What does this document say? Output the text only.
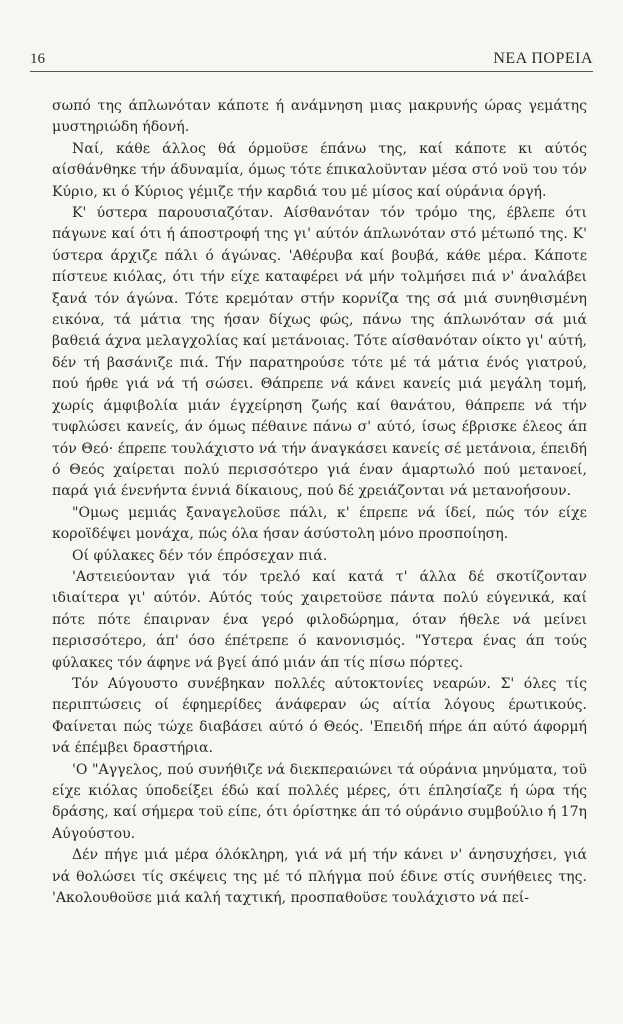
16	ΝΕΑ ΠΟΡΕΙΑ

σωπό της άπλωνόταν κάποτε ή ανάμνηση μιας μακρυνής ώρας γεμάτης μυστηριώδη ήδονή.

Ναί, κάθε άλλος θά όρμοϋσε έπάνω της, καί κάποτε κι αύτός αίσθάνθηκε τήν άδυναμία, όμως τότε έπικαλοϋνταν μέσα στό νοϋ του τόν Κύριο, κι ό Κύριος γέμιζε τήν καρδιά του μέ μίσος καί ούράνια όργή.

Κ' ύστερα παρουσιαζόταν. Αίσθανόταν τόν τρόμο της, έβλεπε ότι πάγωνε καί ότι ή άποστροφή της γι' αύτόν άπλωνόταν στό μέτωπό της. Κ' ύστερα άρχιζε πάλι ό άγώνας. 'Αθέρυβα καί βουβά, κάθε μέρα. Κάποτε πίστευε κιόλας, ότι τήν είχε καταφέρει νά μήν τολμήσει πιά ν' άναλάβει ξανά τόν άγώνα. Τότε κρεμόταν στήν κορνίζα της σά μιά συνηθισμένη εικόνα, τά μάτια της ήσαν δίχως φώς, πάνω της άπλωνόταν σά μιά βαθειά άχνα μελαγχολίας καί μετάνοιας. Τότε αίσθανόταν οίκτο γι' αύτή, δέν τή βασάνιζε πιά. Τήν παρατηρούσε τότε μέ τά μάτια ένός γιατρού, πού ήρθε γιά νά τή σώσει. Θάπρεπε νά κάνει κανείς μιά μεγάλη τομή, χωρίς άμφιβολία μιάν έγχείρηση ζωής καί θανάτου, θάπρεπε νά τήν τυφλώσει κανείς, άν όμως πέθαινε πάνω σ' αύτό, ίσως έβρισκε έλεος άπ τόν Θεό· έπρεπε τουλάχιστο νά τήν άναγκάσει κανείς σέ μετάνοια, έπειδή ό Θεός χαίρεται πολύ περισσότερο γιά έναν άμαρτωλό πού μετανοεί, παρά γιά ένενήντα έννιά δίκαιους, πού δέ χρειάζονται νά μετανοήσουν.

"Ομως μεμιάς ξαναγελοϋσε πάλι, κ' έπρεπε νά ίδεί, πώς τόν είχε κοροϊδέψει μονάχα, πώς όλα ήσαν άσύστολη μόνο προσποίηση.

Οί φύλακες δέν τόν έπρόσεχαν πιά.

'Αστειεύονταν γιά τόν τρελό καί κατά τ' άλλα δέ σκοτίζονταν ιδιαίτερα γι' αύτόν. Αύτός τούς χαιρετοϋσε πάντα πολύ εύγενικά, καί πότε πότε έπαιρναν ένα γερό φιλοδώρημα, όταν ήθελε νά μείνει περισσότερο, άπ' όσο έπέτρεπε ό κανονισμός. "Υστερα ένας άπ τούς φύλακες τόν άφηνε νά βγεί άπό μιάν άπ τίς πίσω πόρτες.

Τόν Αύγουστο συνέβηκαν πολλές αύτοκτονίες νεαρών. Σ' όλες τίς περιπτώσεις οί έφημερίδες άνάφεραν ώς αίτία λόγους έρωτικούς. Φαίνεται πώς τώχε διαβάσει αύτό ό Θεός. 'Επειδή πήρε άπ αύτό άφορμή νά έπέμβει δραστήρια.

'Ο "Αγγελος, πού συνήθιζε νά διεκπεραιώνει τά ούράνια μηνύματα, τοϋ είχε κιόλας ύποδείξει έδώ καί πολλές μέρες, ότι έπλησίαζε ή ώρα τής δράσης, καί σήμερα τοϋ είπε, ότι όρίστηκε άπ τό ούράνιο συμβούλιο ή 17η Αύγούστου.

Δέν πήγε μιά μέρα όλόκληρη, γιά νά μή τήν κάνει ν' άνησυχήσει, γιά νά θολώσει τίς σκέψεις της μέ τό πλήγμα πού έδινε στίς συνήθειες της. 'Ακολουθοϋσε μιά καλή ταχτική, προσπαθοϋσε τουλάχιστο νά πεί-
